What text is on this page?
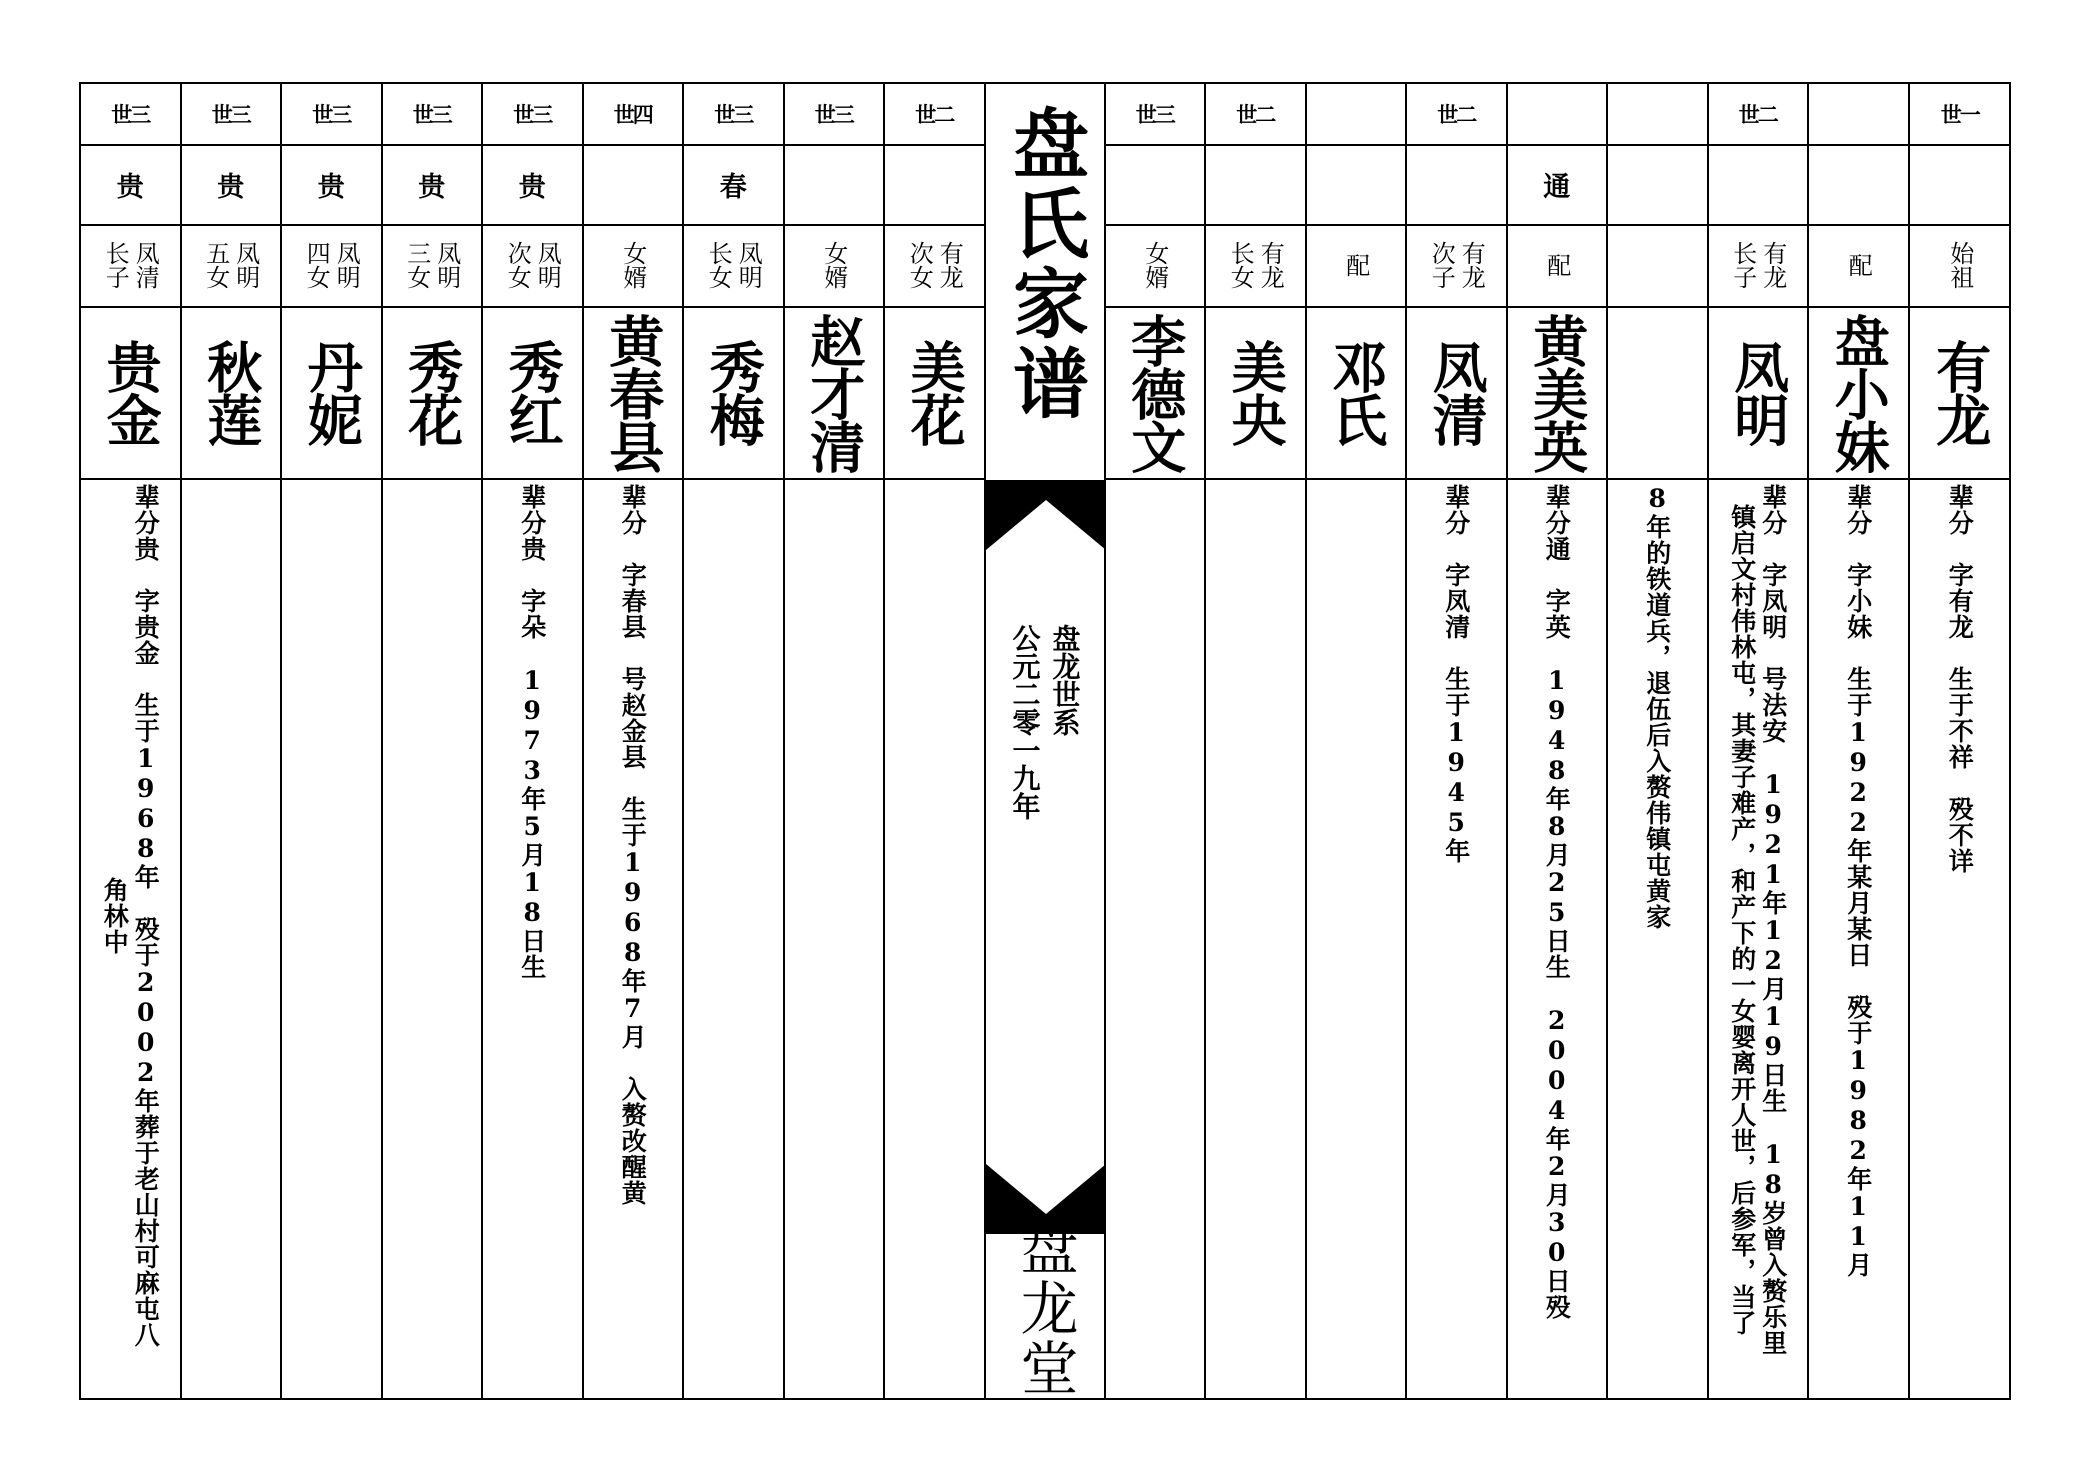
世三
贵
长子 凤清
贵金
辈分贵　字贵金　生于1968年　殁于2002年葬于老山村可麻屯八
角林中
世三
贵
五女 凤明
秋莲
世三
贵
四女 凤明
丹妮
世三
贵
三女 凤明
秀花
世三
贵
次女 凤明
秀红
辈分贵　字朵　1973年5月18日生
世四
女婿
黄春县
辈分　字春县　号赵金县　生于1968年7月　入赘改醒黄
世三
春
长女 凤明
秀梅
世三
女婿
赵才清
世二
次女 有龙
美花 盘氏家谱
盘龙世系
公元二零一九年
盘龙堂
世三
女婿
李德文
世二
长女 有龙
美央
配
邓氏
世二
次子 有龙
凤清
辈分　字凤清　生于1945年
通
配
黄美英
辈分通　字英　1948年8月25日生　2004年2月30日殁	8年的铁道兵，退伍后入赘伟镇屯黄家
世二
长子 有龙
凤明
辈分　字凤明　号法安　1921年12月19日生　18岁曾入赘乐里
镇启文村伟林屯，其妻子难产，和产下的一女婴离开人世，后参军，当了
配
盘小妹
辈分　字小妹　生于1922年某月某日　殁于1982年11月
世一
始祖
有龙
辈分　字有龙　生于不祥　殁不详
